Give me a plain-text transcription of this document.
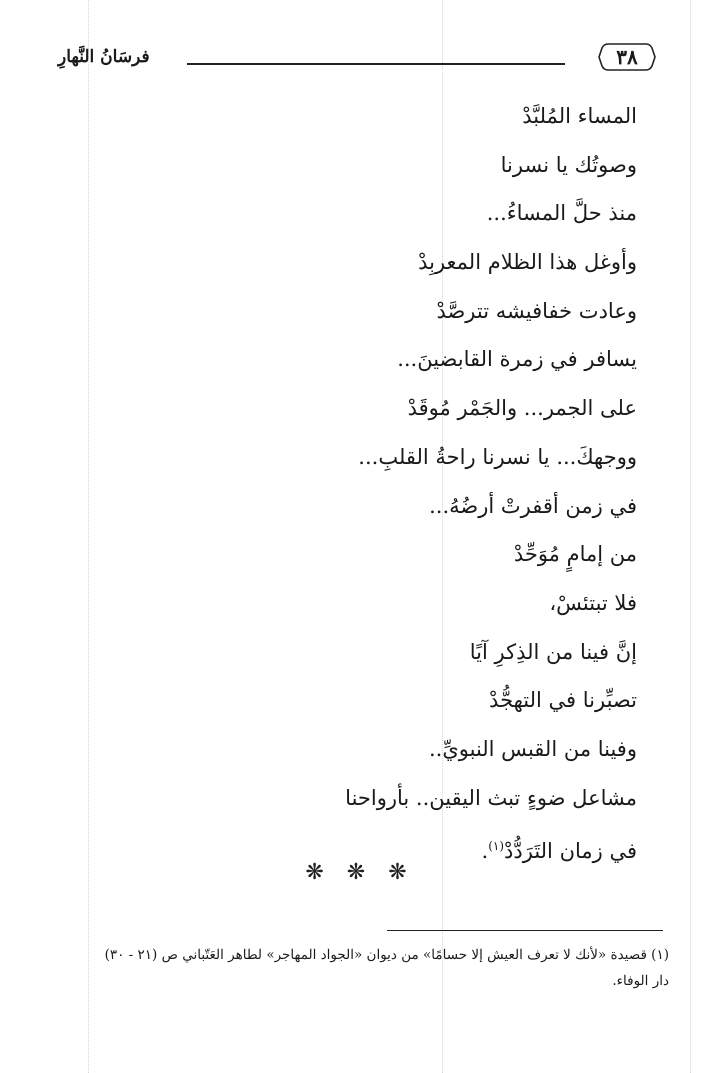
٣٨
فرسَانُ النَّهارِ
المساء المُلبَّدْ
وصوتُك يا نسرنا
منذ حلَّ المساءُ...
وأوغل هذا الظلام المعربِدْ
وعادت خفافيشه تترصَّدْ
يسافر في زمرة القابضينَ...
على الجمر... والجَمْر مُوقَدْ
ووجهكَ... يا نسرنا راحةُ القلبِ...
في زمن أقفرتْ أرضُهُ...
من إمامٍ مُوَحِّدْ
فلا تبتئسْ،
إنَّ فينا من الذِكرِ آيًا
تصبِّرنا في التهجُّدْ
وفينا من القبس النبويِّ..
مشاعل ضوءٍ تبث اليقين.. بأرواحنا
في زمان التَرَدُّدْ$^{(١)}$.
❋ ❋ ❋
(١) قصيدة «لأنك لا تعرف العيش إلا حسامًا» من ديوان «الجواد المهاجر» لطاهر العَتّباني ص (٢١ - ٣٠)
دار الوفاء.
